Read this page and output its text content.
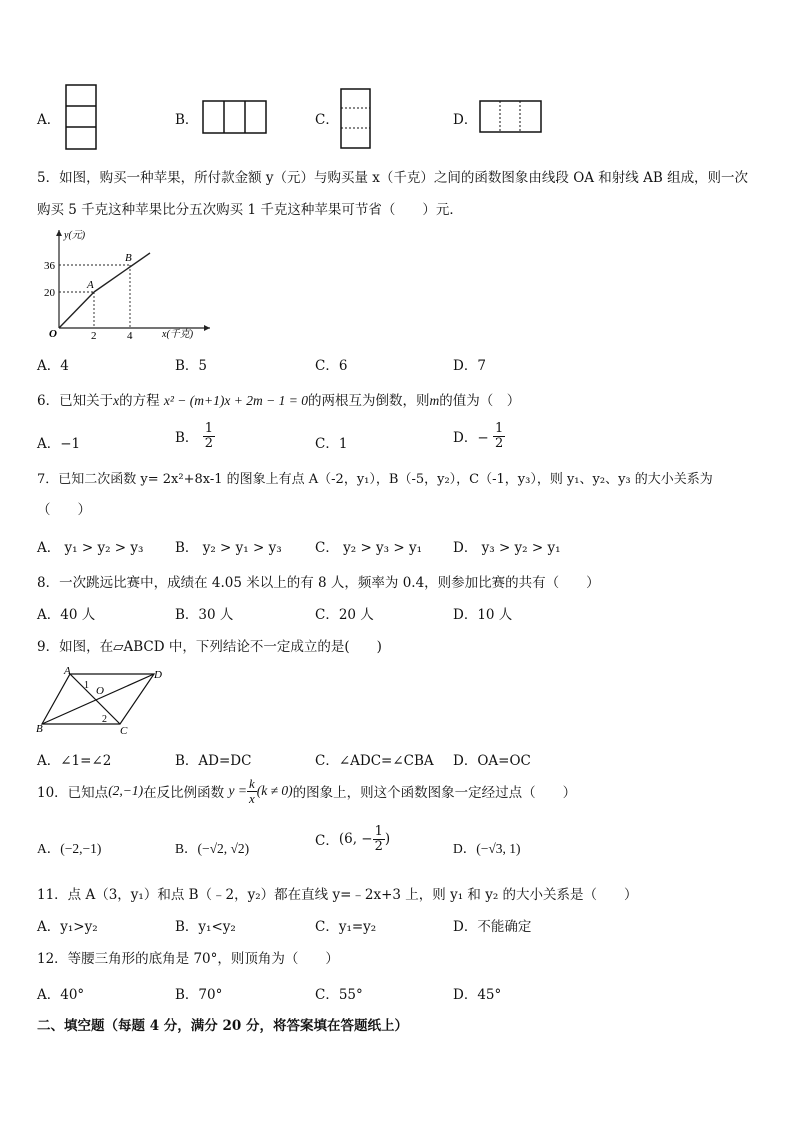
A．	B．	C．	D．
5．如图，购买一种苹果，所付款金额 y（元）与购买量 x（千克）之间的函数图象由线段 OA 和射线 AB 组成，则一次
购买 5 千克这种苹果比分五次购买 1 千克这种苹果可节省（　　）元．
y(元)
x(千克)
O
A
B
20
36
2	4
A．4	B．5	C．6	D．7
6．已知关于x的方程 x² − (m+1)x + 2m − 1 = 0的两根互为倒数，则m的值为（　）
A．−1	B． $\frac{1}{2}$	C．1	D．− $\frac{1}{2}$
7．已知二次函数 y= 2x²+8x-1 的图象上有点 A（-2，y₁），B（-5，y₂），C（-1，y₃），则 y₁、y₂、y₃ 的大小关系为
（　　）
A． y₁ > y₂ > y₃ B． y₂ > y₁ > y₃ C． y₂ > y₃ > y₁ D． y₃ > y₂ > y₁
8．一次跳远比赛中，成绩在 4.05 米以上的有 8 人，频率为 0.4，则参加比赛的共有（　　）
A．40 人	B．30 人	C．20 人	D．10 人
9．如图，在▱ABCD 中，下列结论不一定成立的是(　　)
A	D
C
B
O
1
2
A．∠1=∠2	B．AD=DC	C．∠ADC=∠CBA D．OA=OC
10．已知点(2,−1)在反比例函数 $y = \frac{k}{x} (k \ne 0)$的图象上，则这个函数图象一定经过点（　　）
A．(−2,−1)	B．(−√2, √2)	C．(6, − $\frac{1}{2}$ )
D．(−√3, 1)
11．点 A（3，y₁）和点 B（﹣2，y₂）都在直线 y=﹣2x+3 上，则 y₁ 和 y₂ 的大小关系是（　　）
A．y₁>y₂	B．y₁<y₂	C．y₁=y₂	D．不能确定
12．等腰三角形的底角是 70°，则顶角为（　　）
A．40°	B．70°	C．55°	D．45°
二、填空题（每题 4 分，满分 20 分，将答案填在答题纸上）
